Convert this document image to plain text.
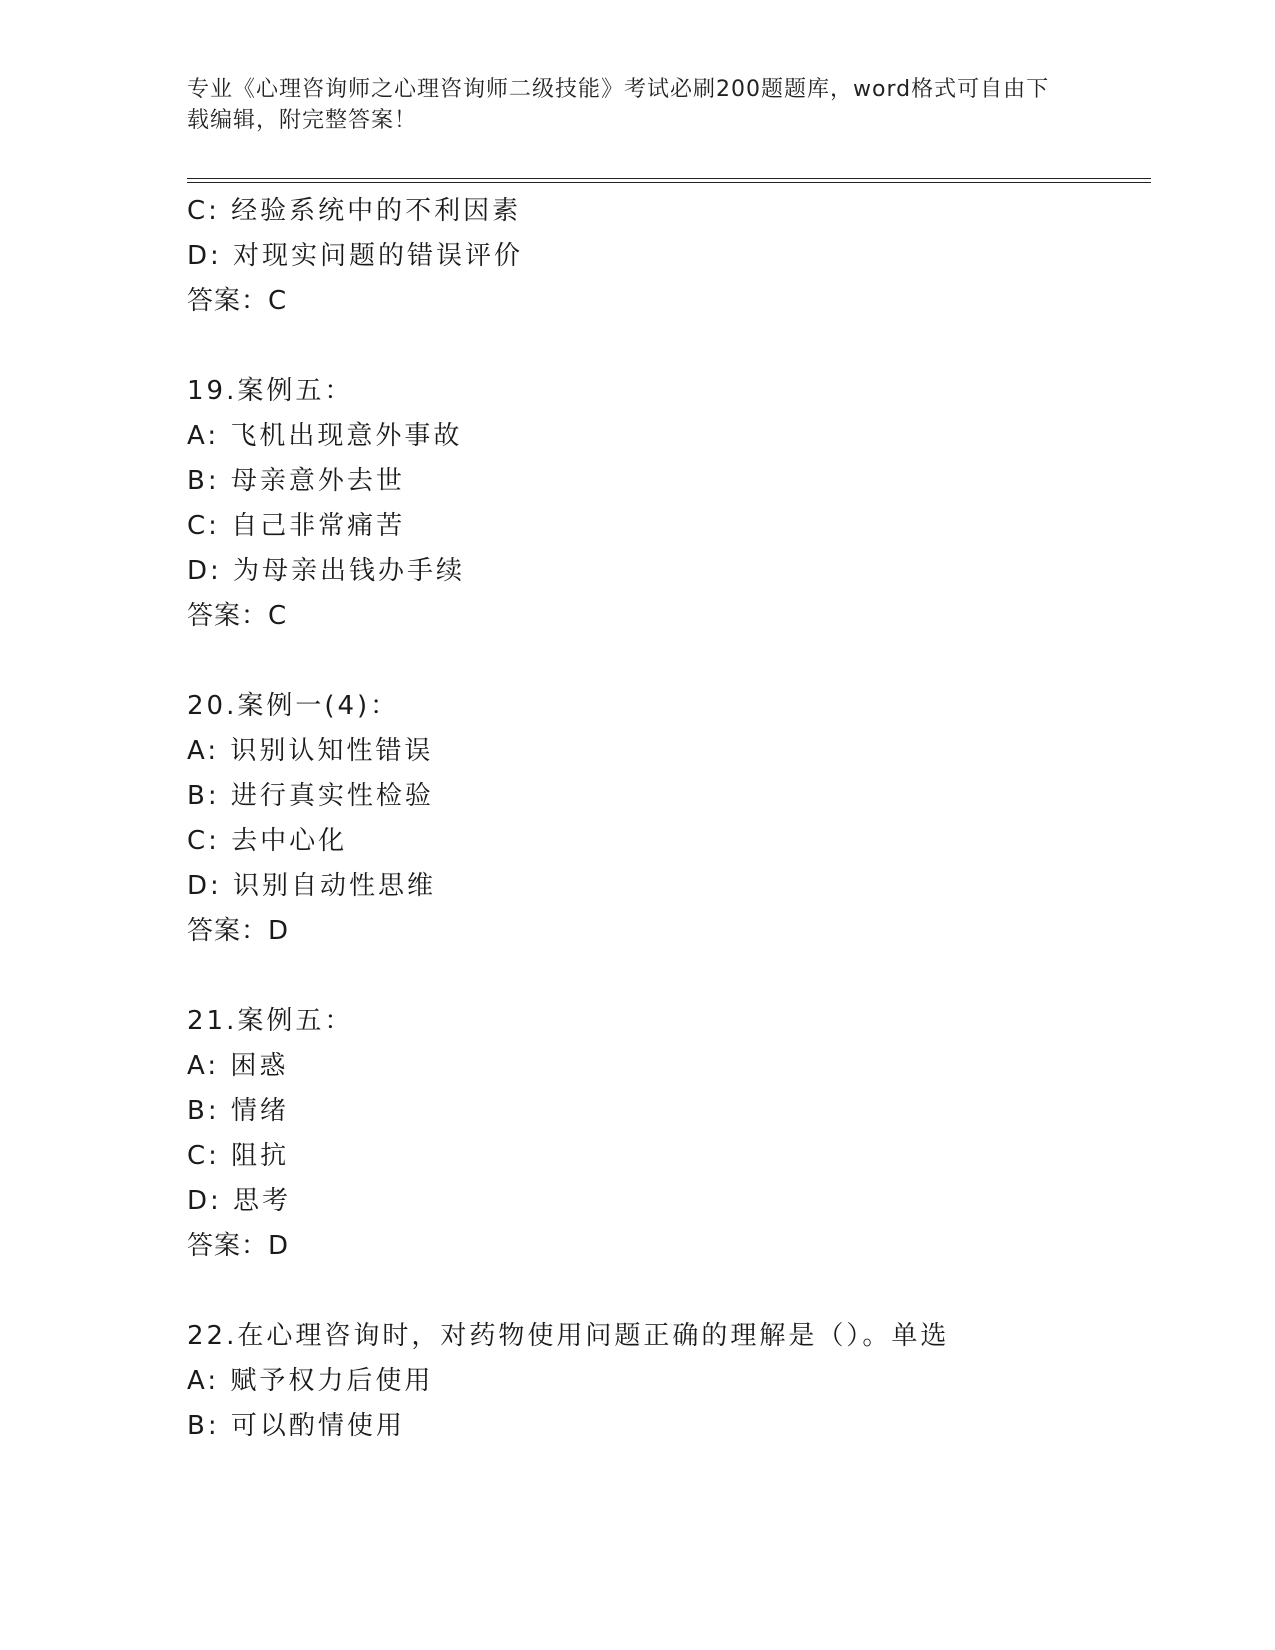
专业《心理咨询师之心理咨询师二级技能》考试必刷200题题库，word格式可自由下载编辑，附完整答案！
C: 经验系统中的不利因素
D: 对现实问题的错误评价
答案：C
19.案例五：
A: 飞机出现意外事故
B: 母亲意外去世
C: 自己非常痛苦
D: 为母亲出钱办手续
答案：C
20.案例一(4)：
A: 识别认知性错误
B: 进行真实性检验
C: 去中心化
D: 识别自动性思维
答案：D
21.案例五：
A: 困惑
B: 情绪
C: 阻抗
D: 思考
答案：D
22.在心理咨询时，对药物使用问题正确的理解是（）。单选
A: 赋予权力后使用
B: 可以酌情使用
